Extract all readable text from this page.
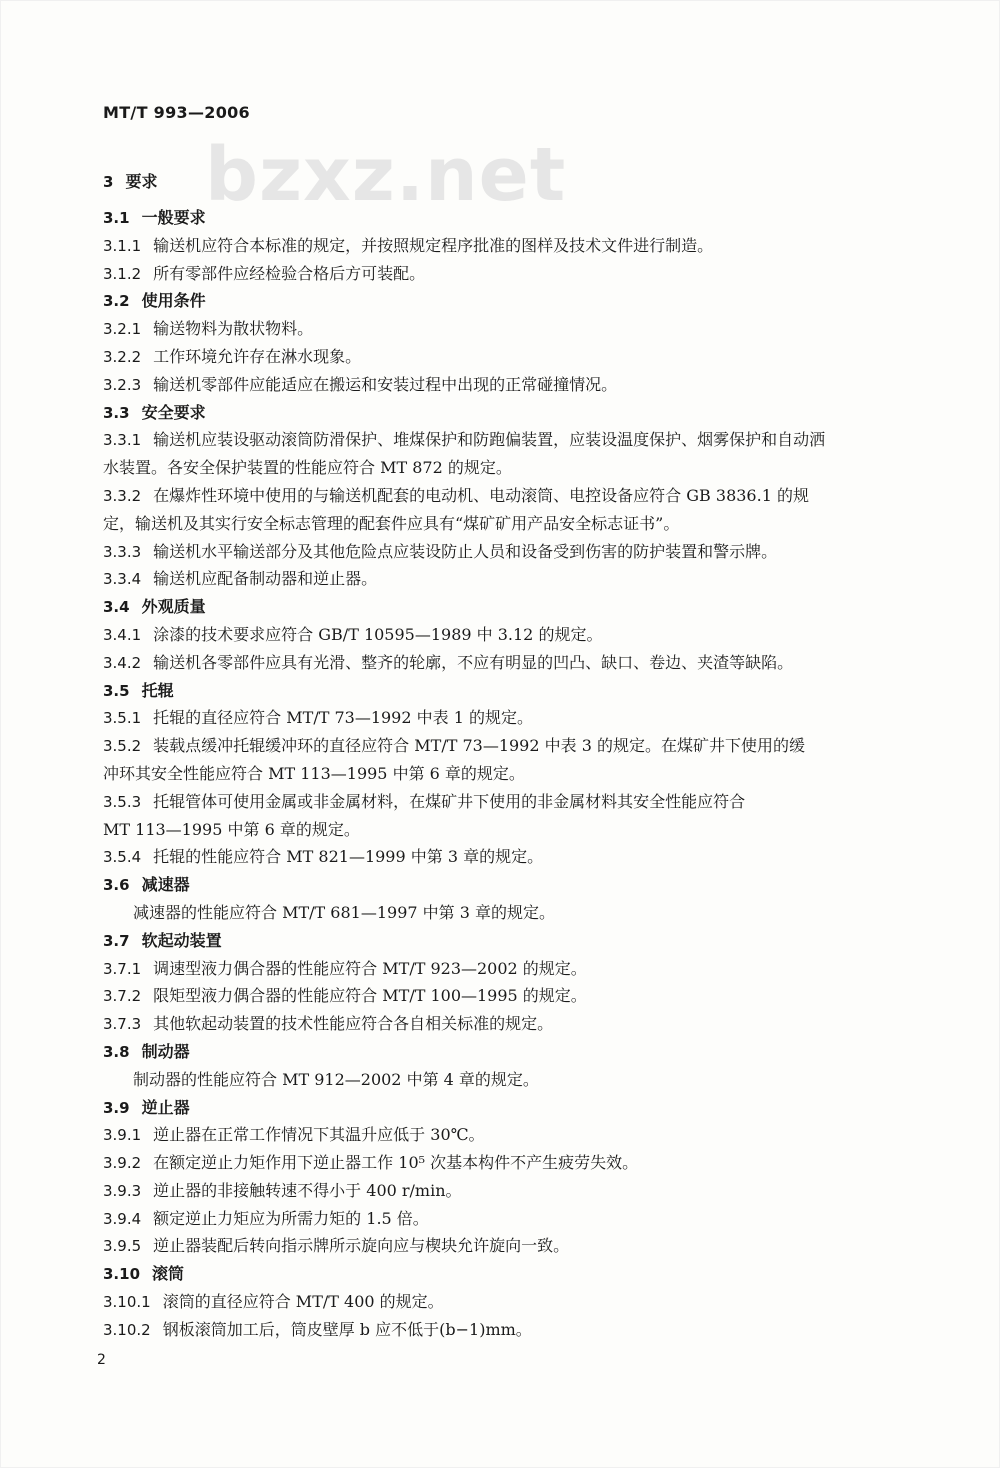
MT/T 993—2006
bzxz.net
3 要求
3.1 一般要求
3.1.1 输送机应符合本标准的规定，并按照规定程序批准的图样及技术文件进行制造。
3.1.2 所有零部件应经检验合格后方可装配。
3.2 使用条件
3.2.1 输送物料为散状物料。
3.2.2 工作环境允许存在淋水现象。
3.2.3 输送机零部件应能适应在搬运和安装过程中出现的正常碰撞情况。
3.3 安全要求
3.3.1 输送机应装设驱动滚筒防滑保护、堆煤保护和防跑偏装置，应装设温度保护、烟雾保护和自动洒
水装置。各安全保护装置的性能应符合 MT 872 的规定。
3.3.2 在爆炸性环境中使用的与输送机配套的电动机、电动滚筒、电控设备应符合 GB 3836.1 的规
定，输送机及其实行安全标志管理的配套件应具有“煤矿矿用产品安全标志证书”。
3.3.3 输送机水平输送部分及其他危险点应装设防止人员和设备受到伤害的防护装置和警示牌。
3.3.4 输送机应配备制动器和逆止器。
3.4 外观质量
3.4.1 涂漆的技术要求应符合 GB/T 10595—1989 中 3.12 的规定。
3.4.2 输送机各零部件应具有光滑、整齐的轮廓，不应有明显的凹凸、缺口、卷边、夹渣等缺陷。
3.5 托辊
3.5.1 托辊的直径应符合 MT/T 73—1992 中表 1 的规定。
3.5.2 装载点缓冲托辊缓冲环的直径应符合 MT/T 73—1992 中表 3 的规定。在煤矿井下使用的缓
冲环其安全性能应符合 MT 113—1995 中第 6 章的规定。
3.5.3 托辊管体可使用金属或非金属材料，在煤矿井下使用的非金属材料其安全性能应符合
MT 113—1995 中第 6 章的规定。
3.5.4 托辊的性能应符合 MT 821—1999 中第 3 章的规定。
3.6 减速器
减速器的性能应符合 MT/T 681—1997 中第 3 章的规定。
3.7 软起动装置
3.7.1 调速型液力偶合器的性能应符合 MT/T 923—2002 的规定。
3.7.2 限矩型液力偶合器的性能应符合 MT/T 100—1995 的规定。
3.7.3 其他软起动装置的技术性能应符合各自相关标准的规定。
3.8 制动器
制动器的性能应符合 MT 912—2002 中第 4 章的规定。
3.9 逆止器
3.9.1 逆止器在正常工作情况下其温升应低于 30℃。
3.9.2 在额定逆止力矩作用下逆止器工作 10⁵ 次基本构件不产生疲劳失效。
3.9.3 逆止器的非接触转速不得小于 400 r/min。
3.9.4 额定逆止力矩应为所需力矩的 1.5 倍。
3.9.5 逆止器装配后转向指示牌所示旋向应与楔块允许旋向一致。
3.10 滚筒
3.10.1 滚筒的直径应符合 MT/T 400 的规定。
3.10.2 钢板滚筒加工后，筒皮壁厚 b 应不低于(b−1)mm。
2
